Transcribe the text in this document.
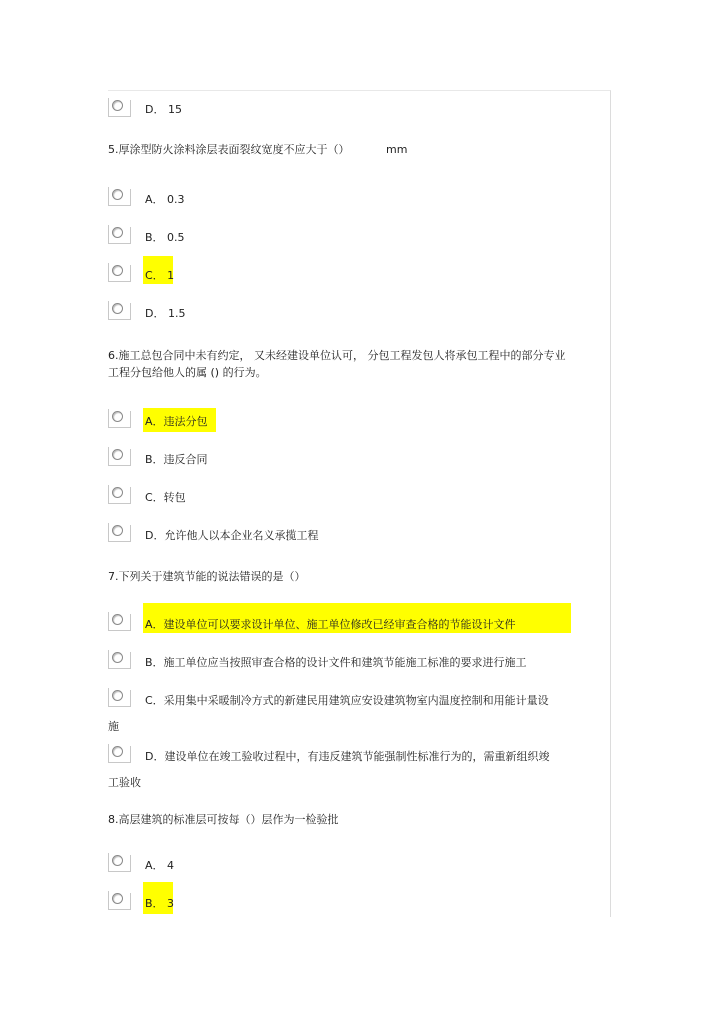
D． 15
5.厚涂型防火涂料涂层表面裂纹宽度不应大于（）	mm
A． 0.3
B． 0.5
C． 1
D． 1.5
6.施工总包合同中未有约定， 又未经建设单位认可， 分包工程发包人将承包工程中的部分专业
工程分包给他人的属 () 的行为。
A．违法分包
B．违反合同
C．转包
D．允许他人以本企业名义承揽工程
7.下列关于建筑节能的说法错误的是（）
A．建设单位可以要求设计单位、施工单位修改已经审查合格的节能设计文件
B．施工单位应当按照审查合格的设计文件和建筑节能施工标准的要求进行施工
C．采用集中采暖制冷方式的新建民用建筑应安设建筑物室内温度控制和用能计量设
施
D．建设单位在竣工验收过程中，有违反建筑节能强制性标准行为的，需重新组织竣
工验收
8.高层建筑的标准层可按每（）层作为一检验批
A． 4
B． 3
